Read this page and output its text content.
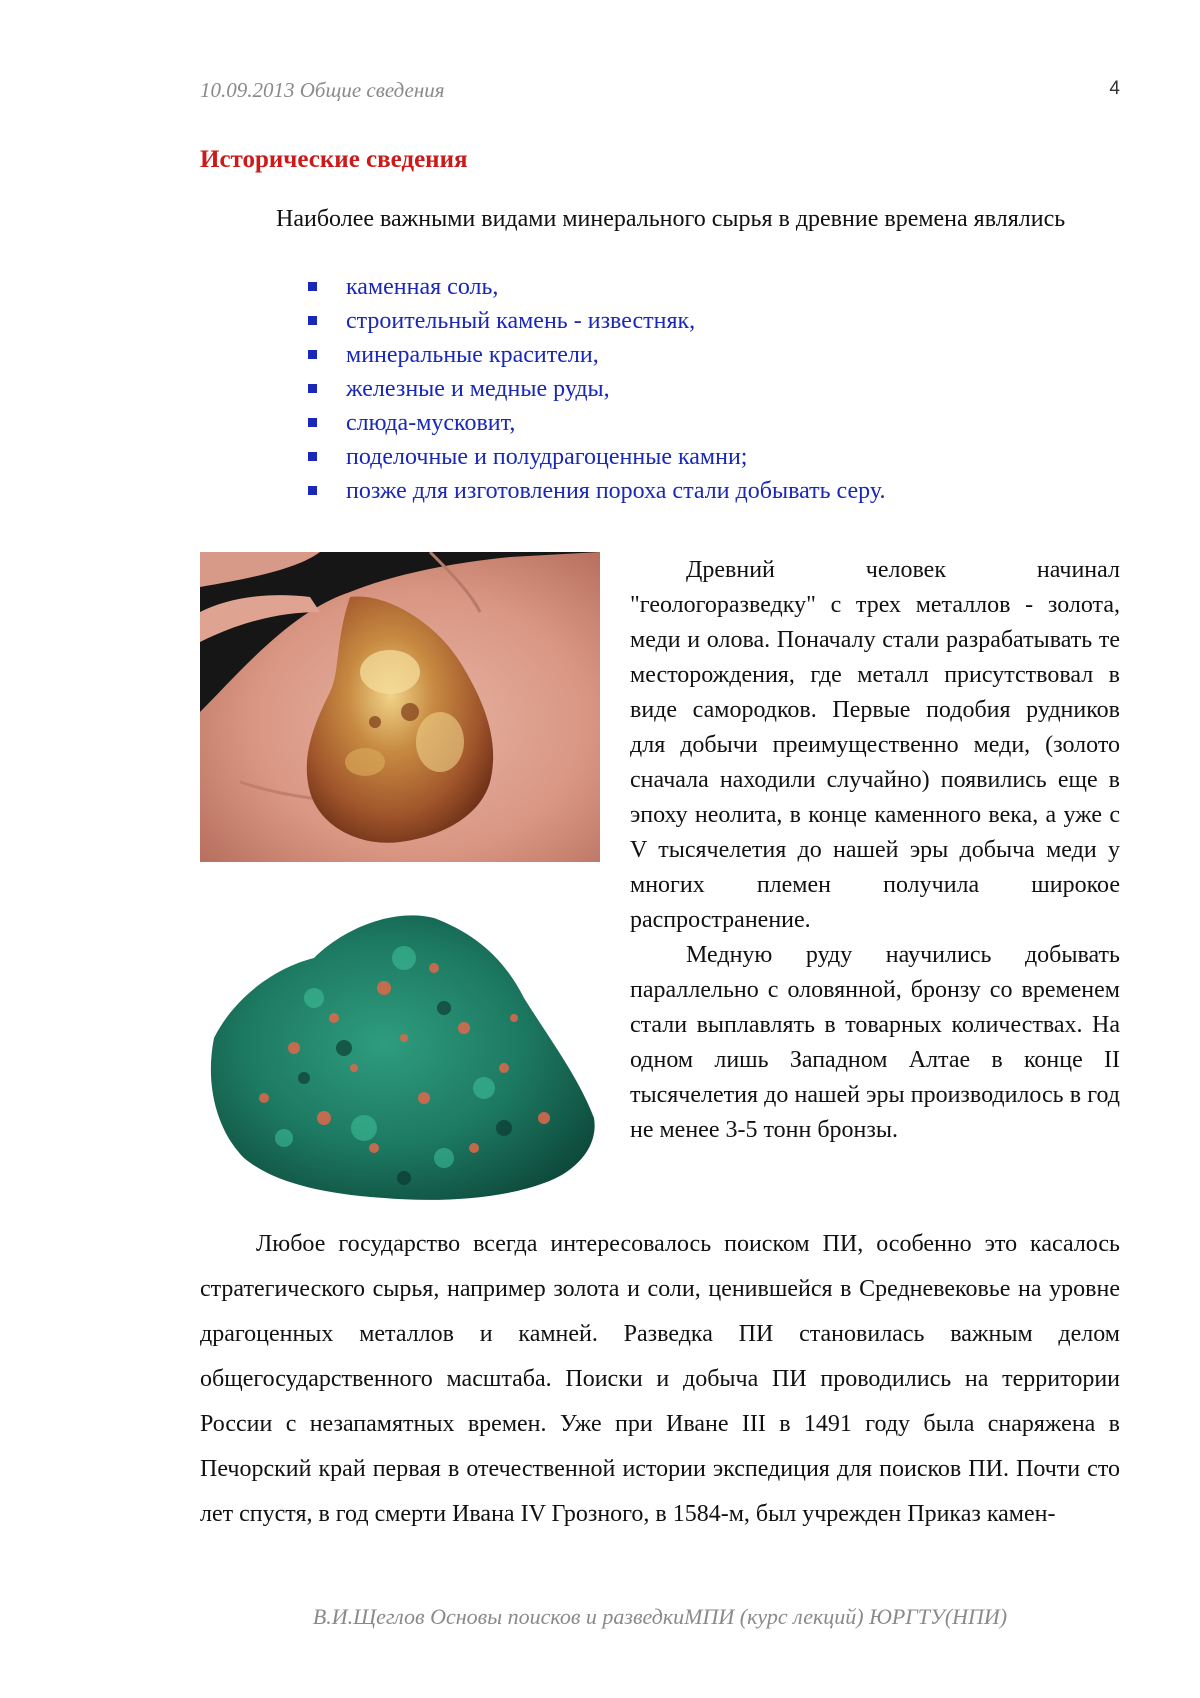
10.09.2013 Общие сведения	4
Исторические сведения

Наиболее важными видами минерального сырья в древние времена являлись

каменная соль,
строительный камень - известняк,
минеральные красители,
железные и медные руды,
слюда-мусковит,
поделочные и полудрагоценные камни;
позже для изготовления пороха стали добывать серу.

Древний человек начинал "геологоразведку" с трех металлов - золота, меди и олова. Поначалу стали разрабатывать те месторождения, где металл присутствовал в виде самородков. Первые подобия рудников для добычи преимущественно меди, (золото сначала находили случайно) появились еще в эпоху неолита, в конце каменного века, а уже с V тысячелетия до нашей эры добыча меди у многих племен получила широкое распространение.

Медную руду научились добывать параллельно с оловянной, бронзу со временем стали выплавлять в товарных количествах. На одном лишь Западном Алтае в конце II тысячелетия до нашей эры производилось в год не менее 3-5 тонн бронзы.

Любое государство всегда интересовалось поиском ПИ, особенно это касалось стратегического сырья, например золота и соли, ценившейся в Средневековье на уровне драгоценных металлов и камней. Разведка ПИ становилась важным делом общегосударственного масштаба. Поиски и добыча ПИ проводились на территории России с незапамятных времен. Уже при Иване III в 1491 году была снаряжена в Печорский край первая в отечественной истории экспедиция для поисков ПИ. Почти сто лет спустя, в год смерти Ивана IV Грозного, в 1584-м, был учрежден Приказ камен-

В.И.Щеглов Основы поисков и разведкиМПИ (курс лекций) ЮРГТУ(НПИ)
